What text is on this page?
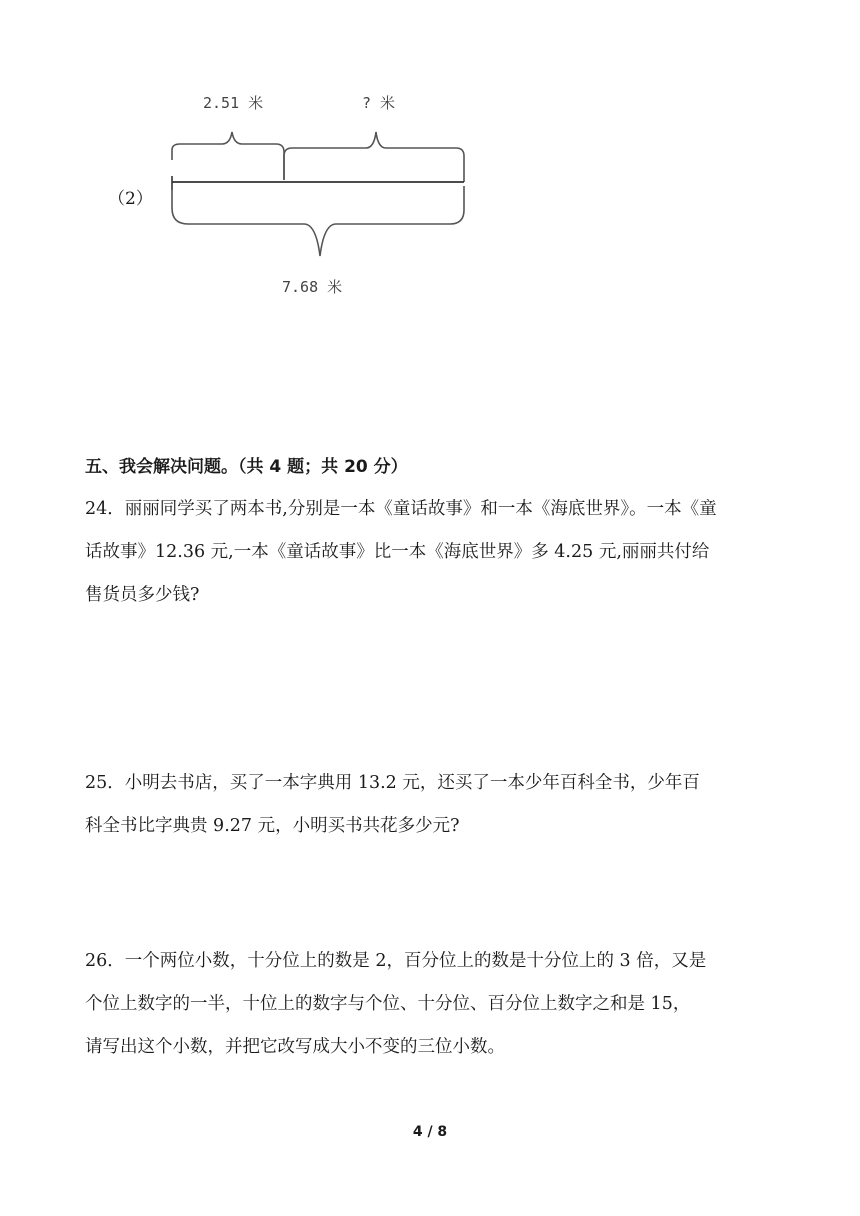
2.51 米	? 米
7.68 米
（2）
五、我会解决问题。（共 4 题；共 20 分）
24．丽丽同学买了两本书,分别是一本《童话故事》和一本《海底世界》。一本《童
话故事》12.36 元,一本《童话故事》比一本《海底世界》多 4.25 元,丽丽共付给
售货员多少钱?
25．小明去书店，买了一本字典用 13.2 元，还买了一本少年百科全书，少年百
科全书比字典贵 9.27 元，小明买书共花多少元?
26．一个两位小数，十分位上的数是 2，百分位上的数是十分位上的 3 倍，又是
个位上数字的一半，十位上的数字与个位、十分位、百分位上数字之和是 15，
请写出这个小数，并把它改写成大小不变的三位小数。
4 / 8
